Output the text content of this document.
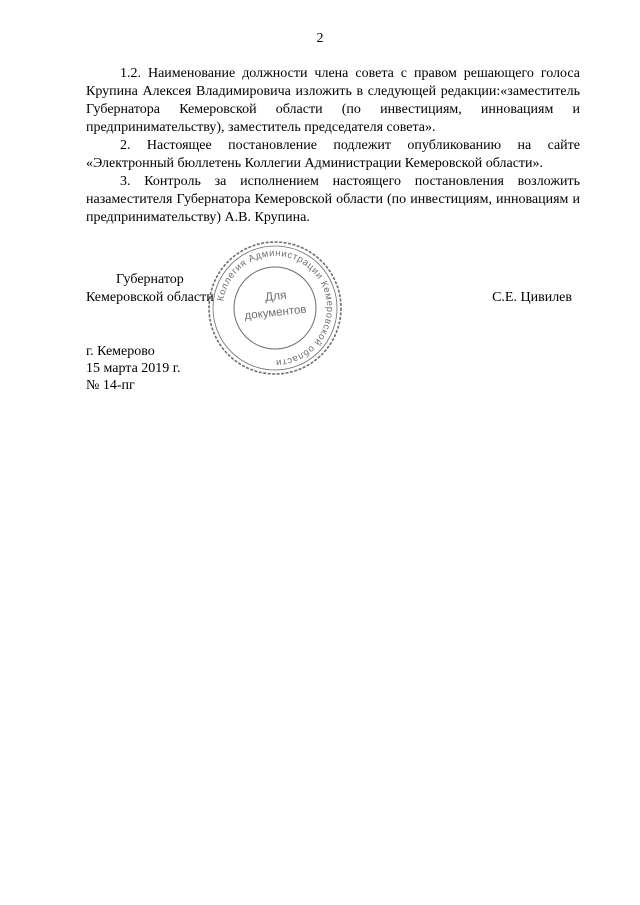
2

1.2. Наименование должности члена совета с правом решающего голоса Крупина Алексея Владимировича изложить в следующей редакции:«заместитель Губернатора Кемеровской области (по инвестициям, инновациям и предпринимательству), заместитель председателя совета».

2. Настоящее постановление подлежит опубликованию на сайте «Электронный бюллетень Коллегии Администрации Кемеровской области».

3. Контроль за исполнением настоящего постановления возложить назаместителя Губернатора Кемеровской области (по инвестициям, инновациям и предпринимательству) А.В. Крупина.

Губернатор
Кемеровской области	С.Е. Цивилев
Коллегия Администрации Кемеровской области
Для
документов
г. Кемерово
15 марта 2019 г.
№ 14-пг
